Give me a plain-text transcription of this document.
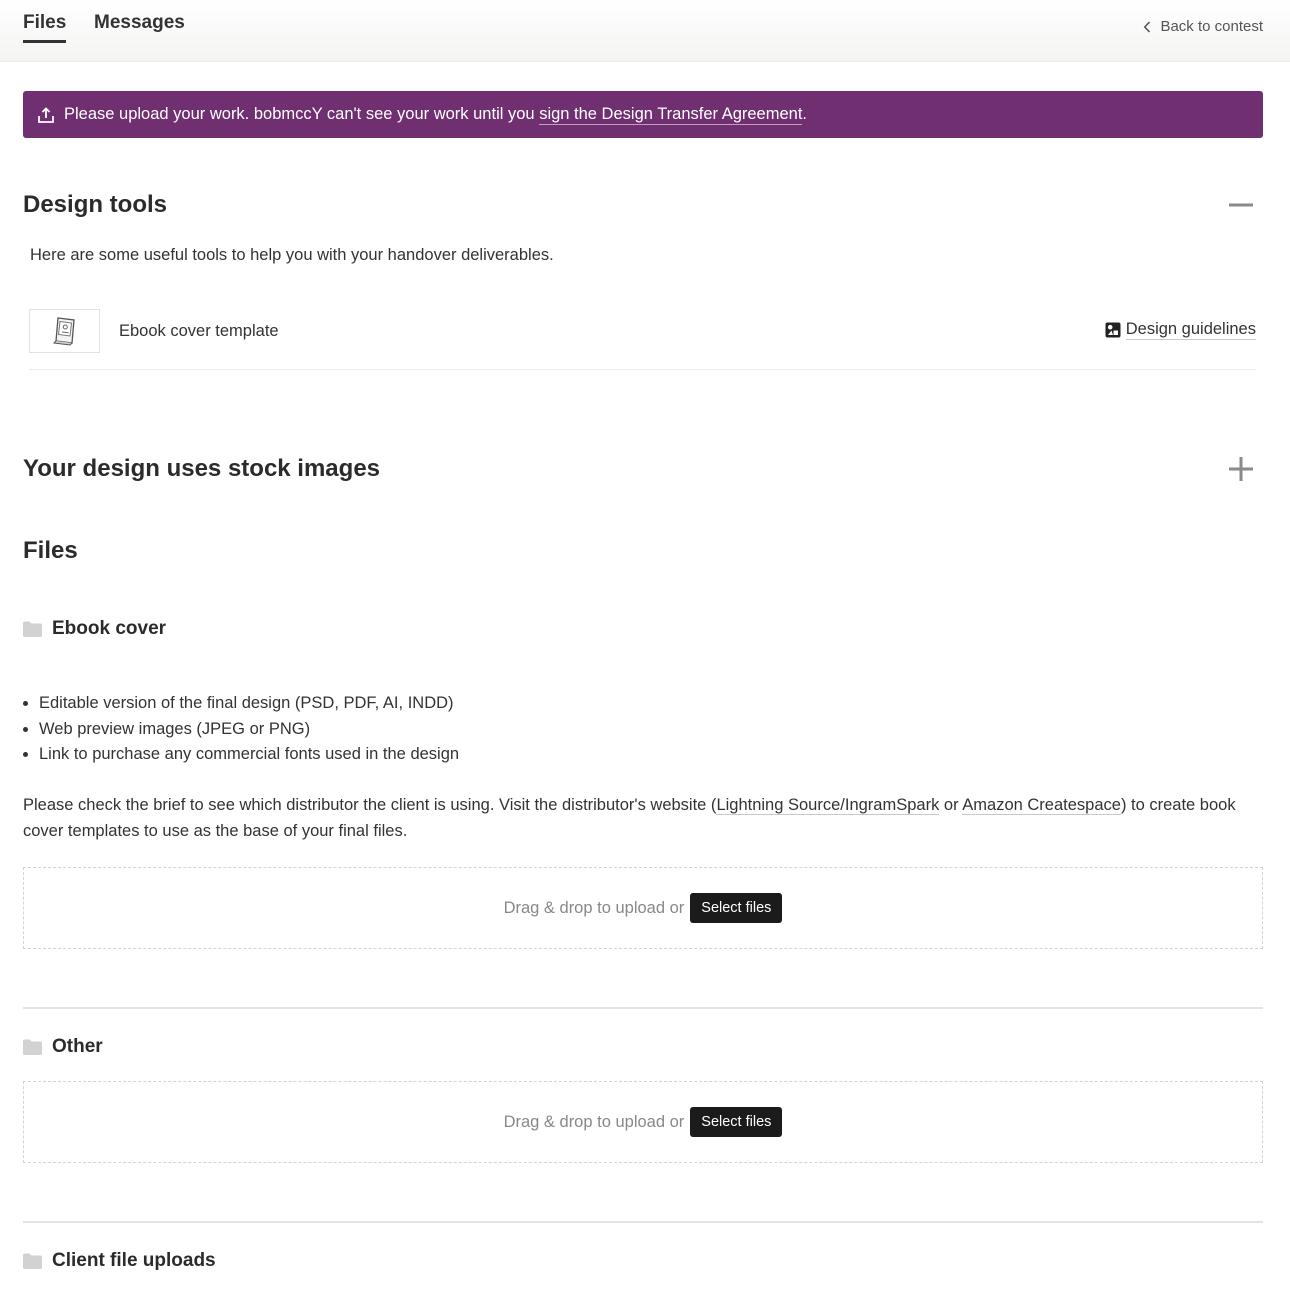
Files Messages	Back to contest
Please upload your work. bobmccY can't see your work until you sign the Design Transfer Agreement .
Design tools
Here are some useful tools to help you with your handover deliverables.
Ebook cover template	Design guidelines
Your design uses stock images
Files
Ebook cover
• Editable version of the final design (PSD, PDF, AI, INDD)
• Web preview images (JPEG or PNG)
• Link to purchase any commercial fonts used in the design
Please check the brief to see which distributor the client is using. Visit the distributor's website (Lightning Source/IngramSpark or Amazon Createspace) to create book cover templates to use as the base of your final files.
Drag & drop to upload or	Select files
Other
Drag & drop to upload or	Select files
Client file uploads
